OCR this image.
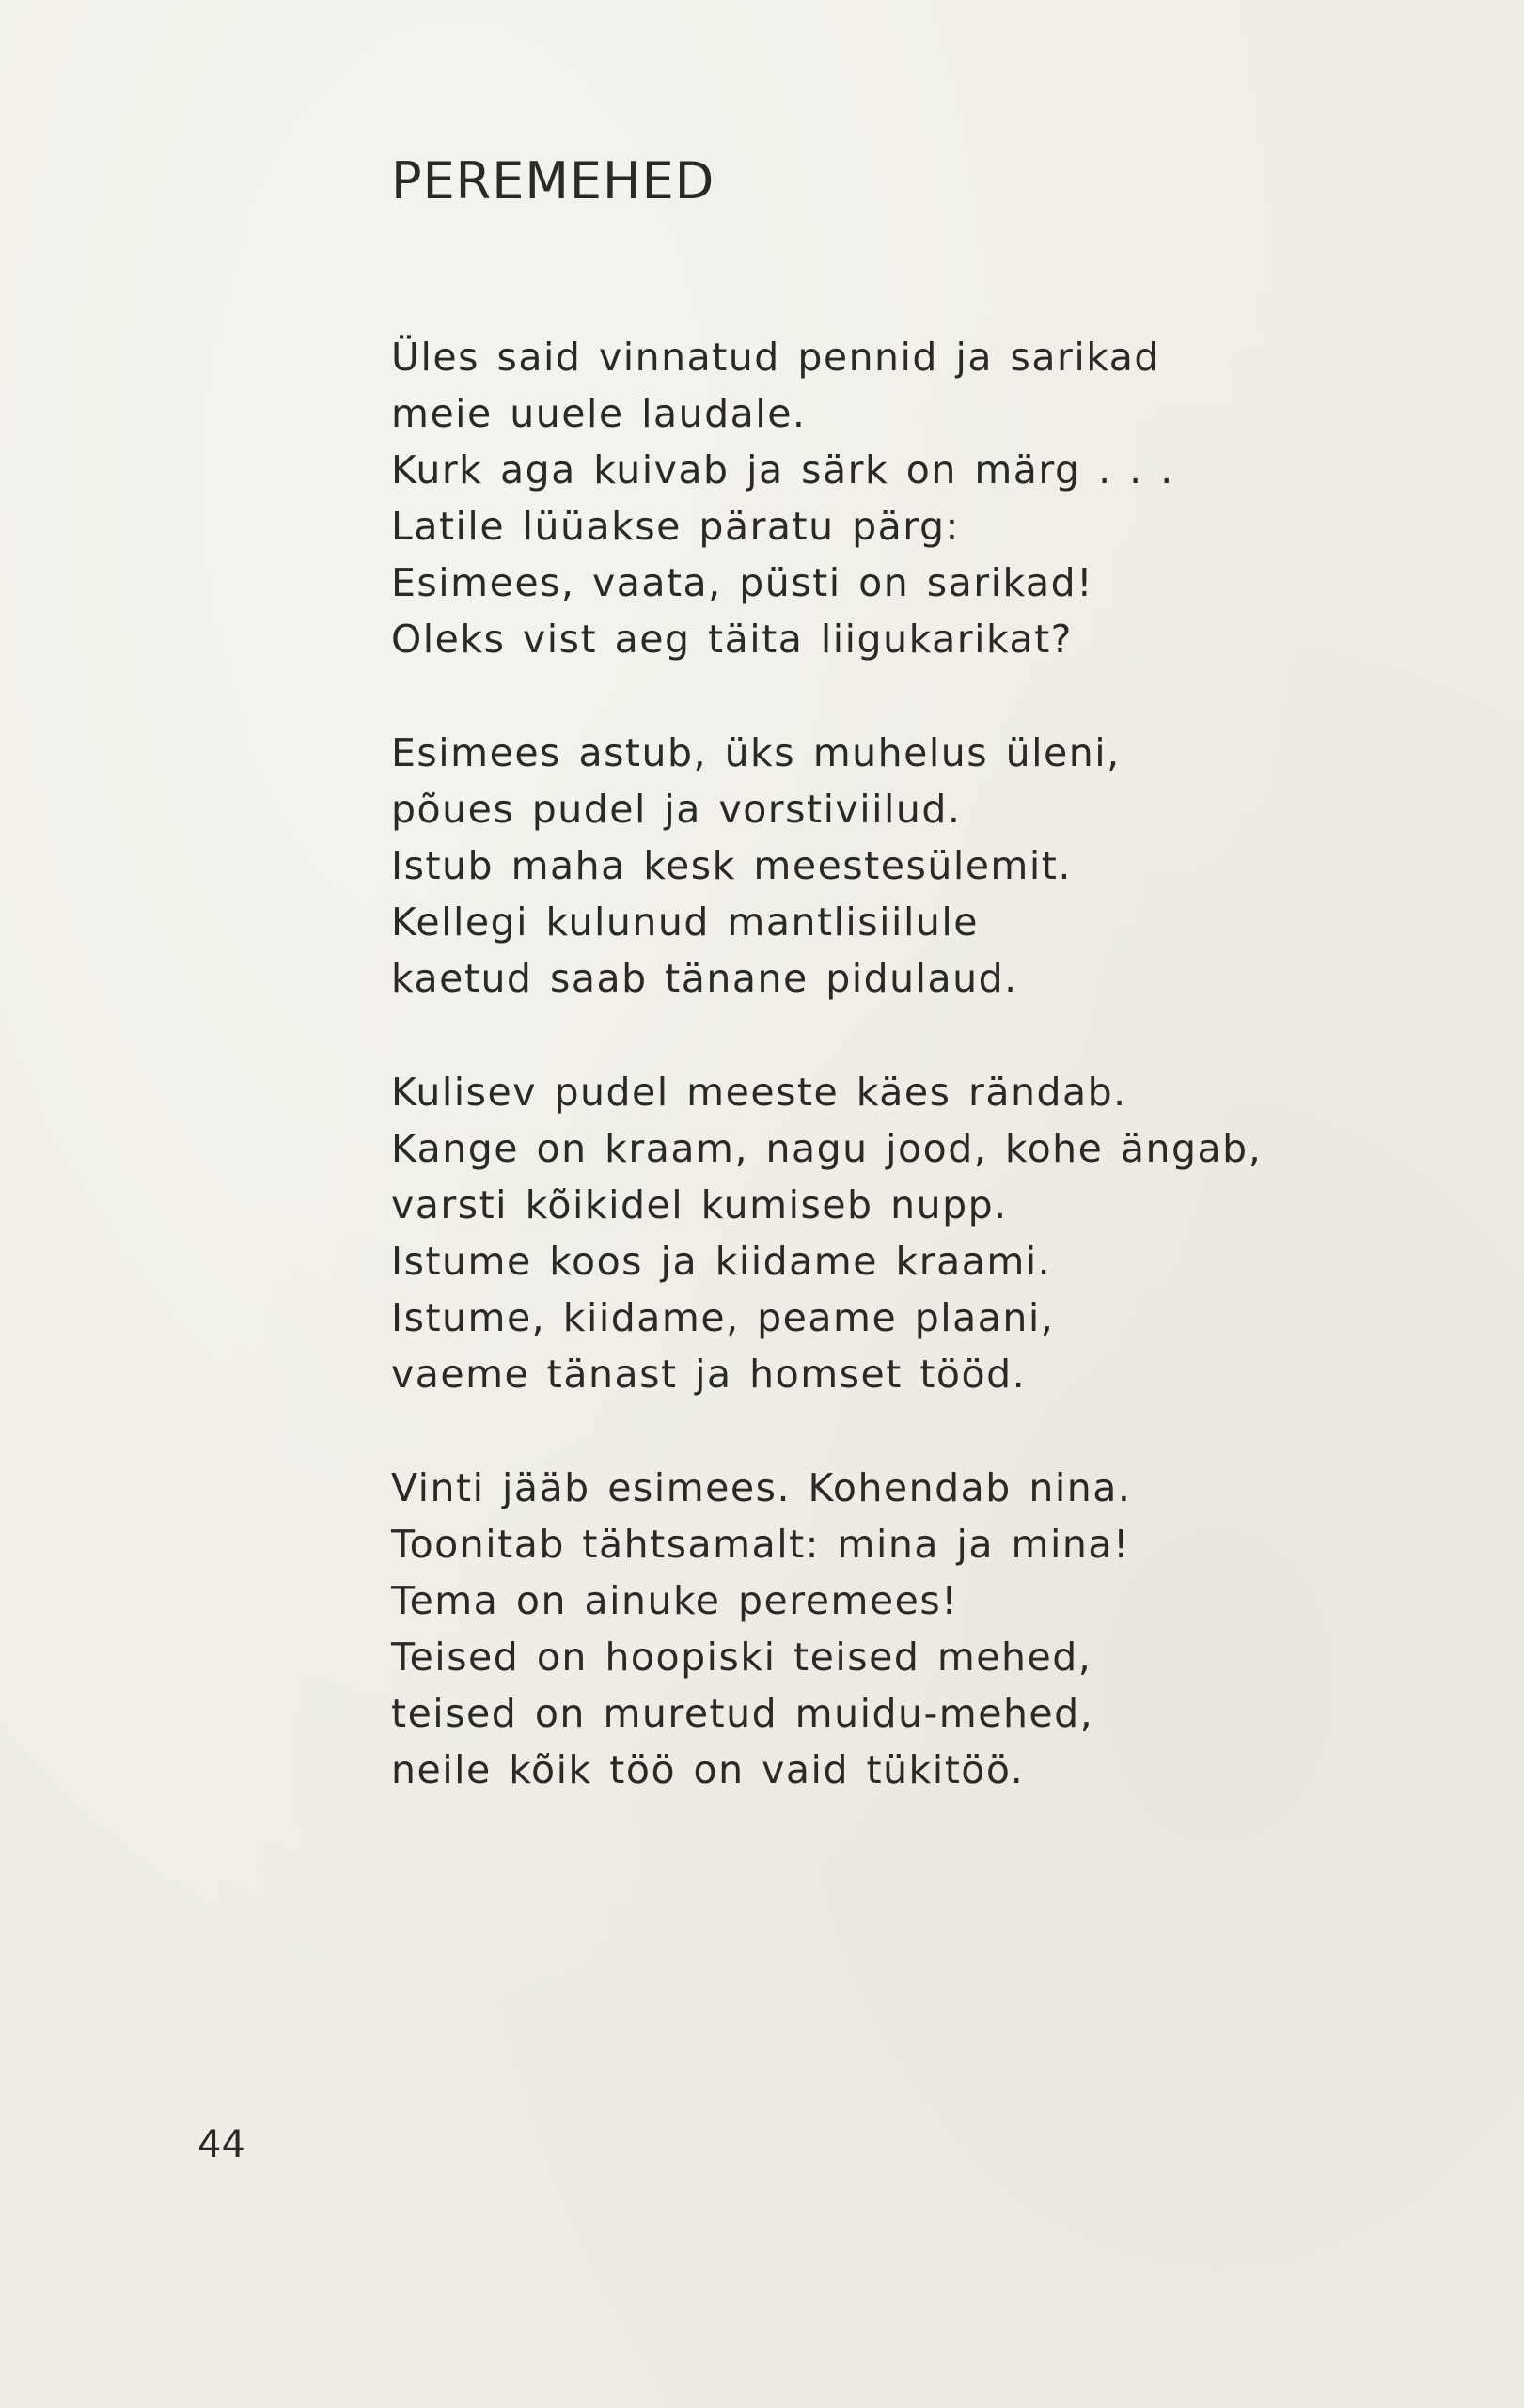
PEREMEHED
Üles said vinnatud pennid ja sarikad
meie uuele laudale.
Kurk aga kuivab ja särk on märg . . .
Latile lüüakse päratu pärg:
Esimees, vaata, püsti on sarikad!
Oleks vist aeg täita liigukarikat?
Esimees astub, üks muhelus üleni,
põues pudel ja vorstiviilud.
Istub maha kesk meestesülemit.
Kellegi kulunud mantlisiilule
kaetud saab tänane pidulaud.
Kulisev pudel meeste käes rändab.
Kange on kraam, nagu jood, kohe ängab,
varsti kõikidel kumiseb nupp.
Istume koos ja kiidame kraami.
Istume, kiidame, peame plaani,
vaeme tänast ja homset tööd.
Vinti jääb esimees. Kohendab nina.
Toonitab tähtsamalt: mina ja mina!
Tema on ainuke peremees!
Teised on hoopiski teised mehed,
teised on muretud muidu-mehed,
neile kõik töö on vaid tükitöö.
44
